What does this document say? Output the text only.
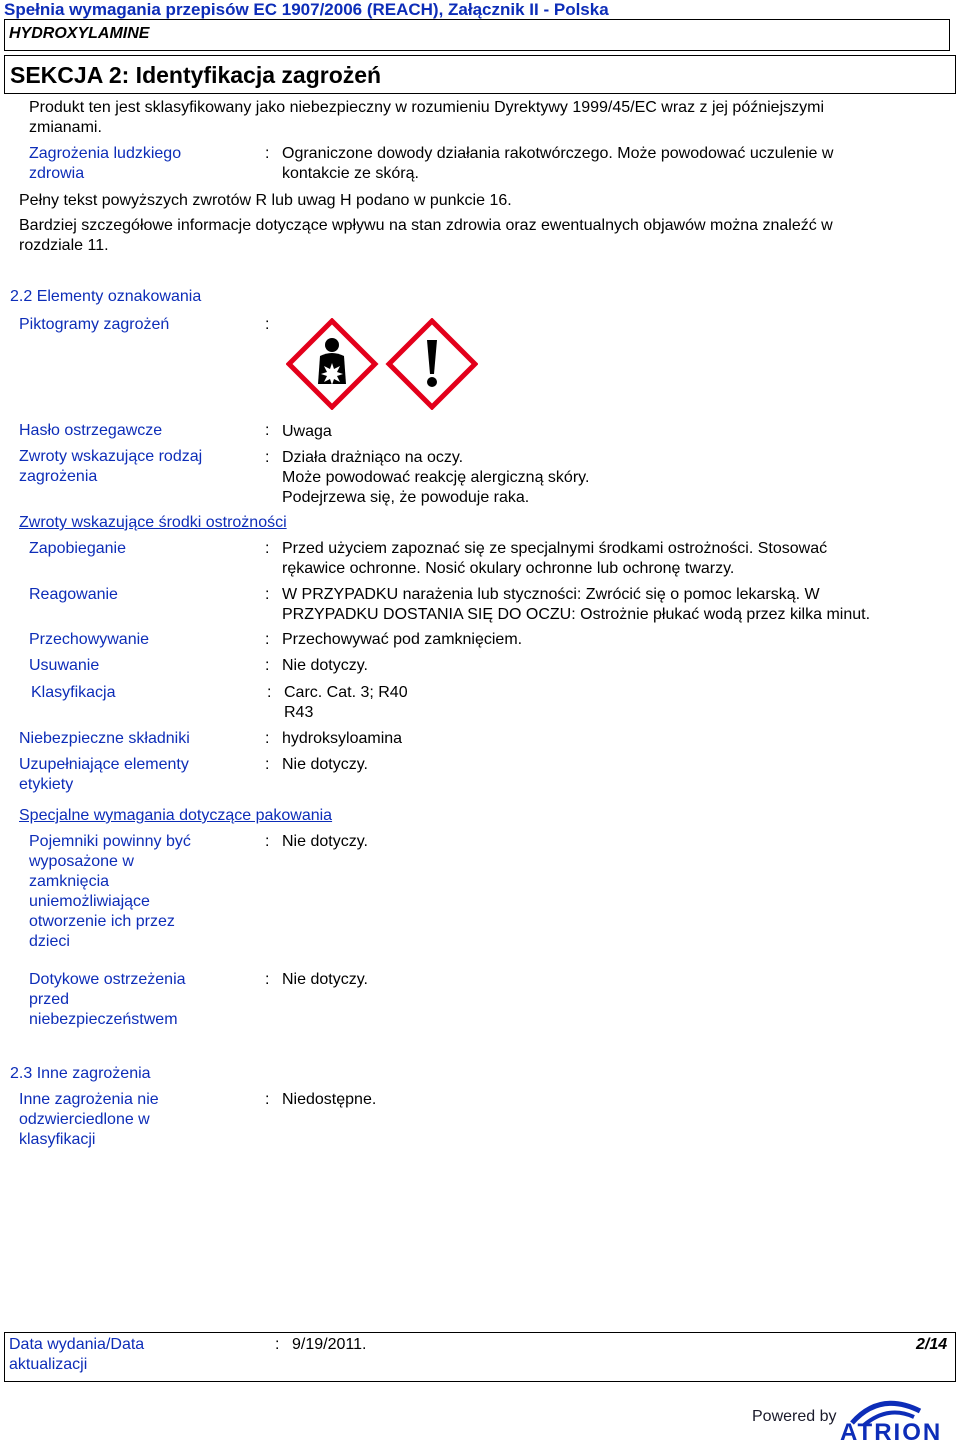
Spełnia wymagania przepisów EC 1907/2006 (REACH), Załącznik II - Polska
HYDROXYLAMINE
SEKCJA 2: Identyfikacja zagrożeń
Produkt ten jest sklasyfikowany jako niebezpieczny w rozumieniu Dyrektywy 1999/45/EC wraz z jej późniejszymi
zmianami.
Zagrożenia ludzkiego
zdrowia
: Ograniczone dowody działania rakotwórczego. Może powodować uczulenie w
kontakcie ze skórą.
Pełny tekst powyższych zwrotów R lub uwag H podano w punkcie 16.
Bardziej szczegółowe informacje dotyczące wpływu na stan zdrowia oraz ewentualnych objawów można znaleźć w
rozdziale 11.
2.2 Elementy oznakowania
Piktogramy zagrożeń	:
Hasło ostrzegawcze	: Uwaga
Zwroty wskazujące rodzaj
zagrożenia
: Działa drażniąco na oczy.
Może powodować reakcję alergiczną skóry.
Podejrzewa się, że powoduje raka.
Zwroty wskazujące środki ostrożności
Zapobieganie	: Przed użyciem zapoznać się ze specjalnymi środkami ostrożności. Stosować
rękawice ochronne. Nosić okulary ochronne lub ochronę twarzy.
Reagowanie	: W PRZYPADKU narażenia lub styczności: Zwrócić się o pomoc lekarską. W
PRZYPADKU DOSTANIA SIĘ DO OCZU: Ostrożnie płukać wodą przez kilka minut.
Przechowywanie	: Przechowywać pod zamknięciem.
Usuwanie	: Nie dotyczy.
Klasyfikacja	: Carc. Cat. 3; R40
R43
Niebezpieczne składniki	: hydroksyloamina
Uzupełniające elementy
etykiety
: Nie dotyczy.
Specjalne wymagania dotyczące pakowania
Pojemniki powinny być
wyposażone w
zamknięcia
uniemożliwiające
otworzenie ich przez
dzieci
: Nie dotyczy.
Dotykowe ostrzeżenia
przed
niebezpieczeństwem
: Nie dotyczy.
2.3 Inne zagrożenia
Inne zagrożenia nie
odzwierciedlone w
klasyfikacji
: Niedostępne.
Data wydania/Data
aktualizacji
: 9/19/2011.	2/14
Powered by
ATRION
